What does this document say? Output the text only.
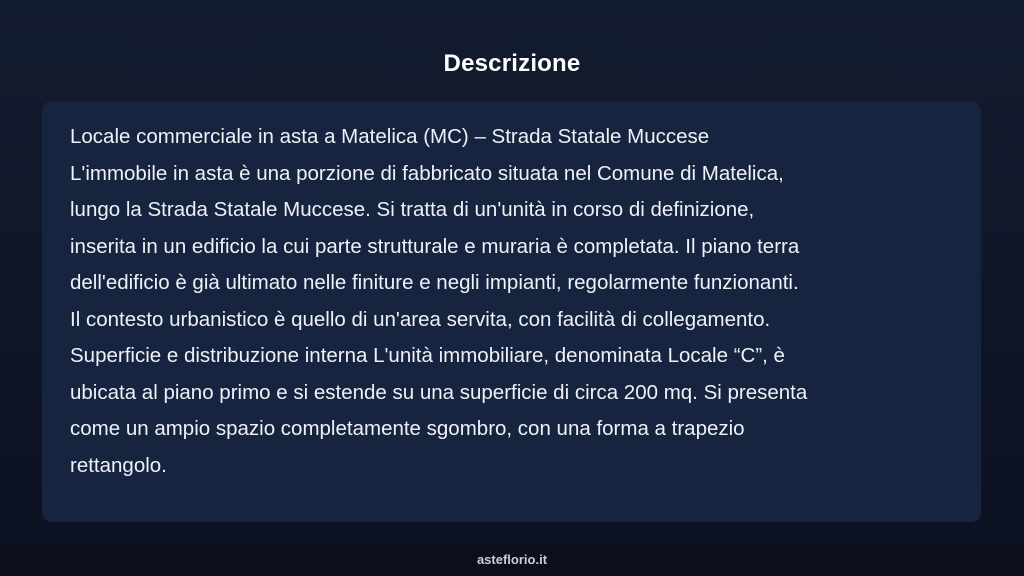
Descrizione

Locale commerciale in asta a Matelica (MC) – Strada Statale Muccese
L'immobile in asta è una porzione di fabbricato situata nel Comune di Matelica,
lungo la Strada Statale Muccese. Si tratta di un'unità in corso di definizione,
inserita in un edificio la cui parte strutturale e muraria è completata. Il piano terra
dell'edificio è già ultimato nelle finiture e negli impianti, regolarmente funzionanti.
Il contesto urbanistico è quello di un'area servita, con facilità di collegamento.
Superficie e distribuzione interna L'unità immobiliare, denominata Locale “C”, è
ubicata al piano primo e si estende su una superficie di circa 200 mq. Si presenta
come un ampio spazio completamente sgombro, con una forma a trapezio
rettangolo.

asteflorio.it
